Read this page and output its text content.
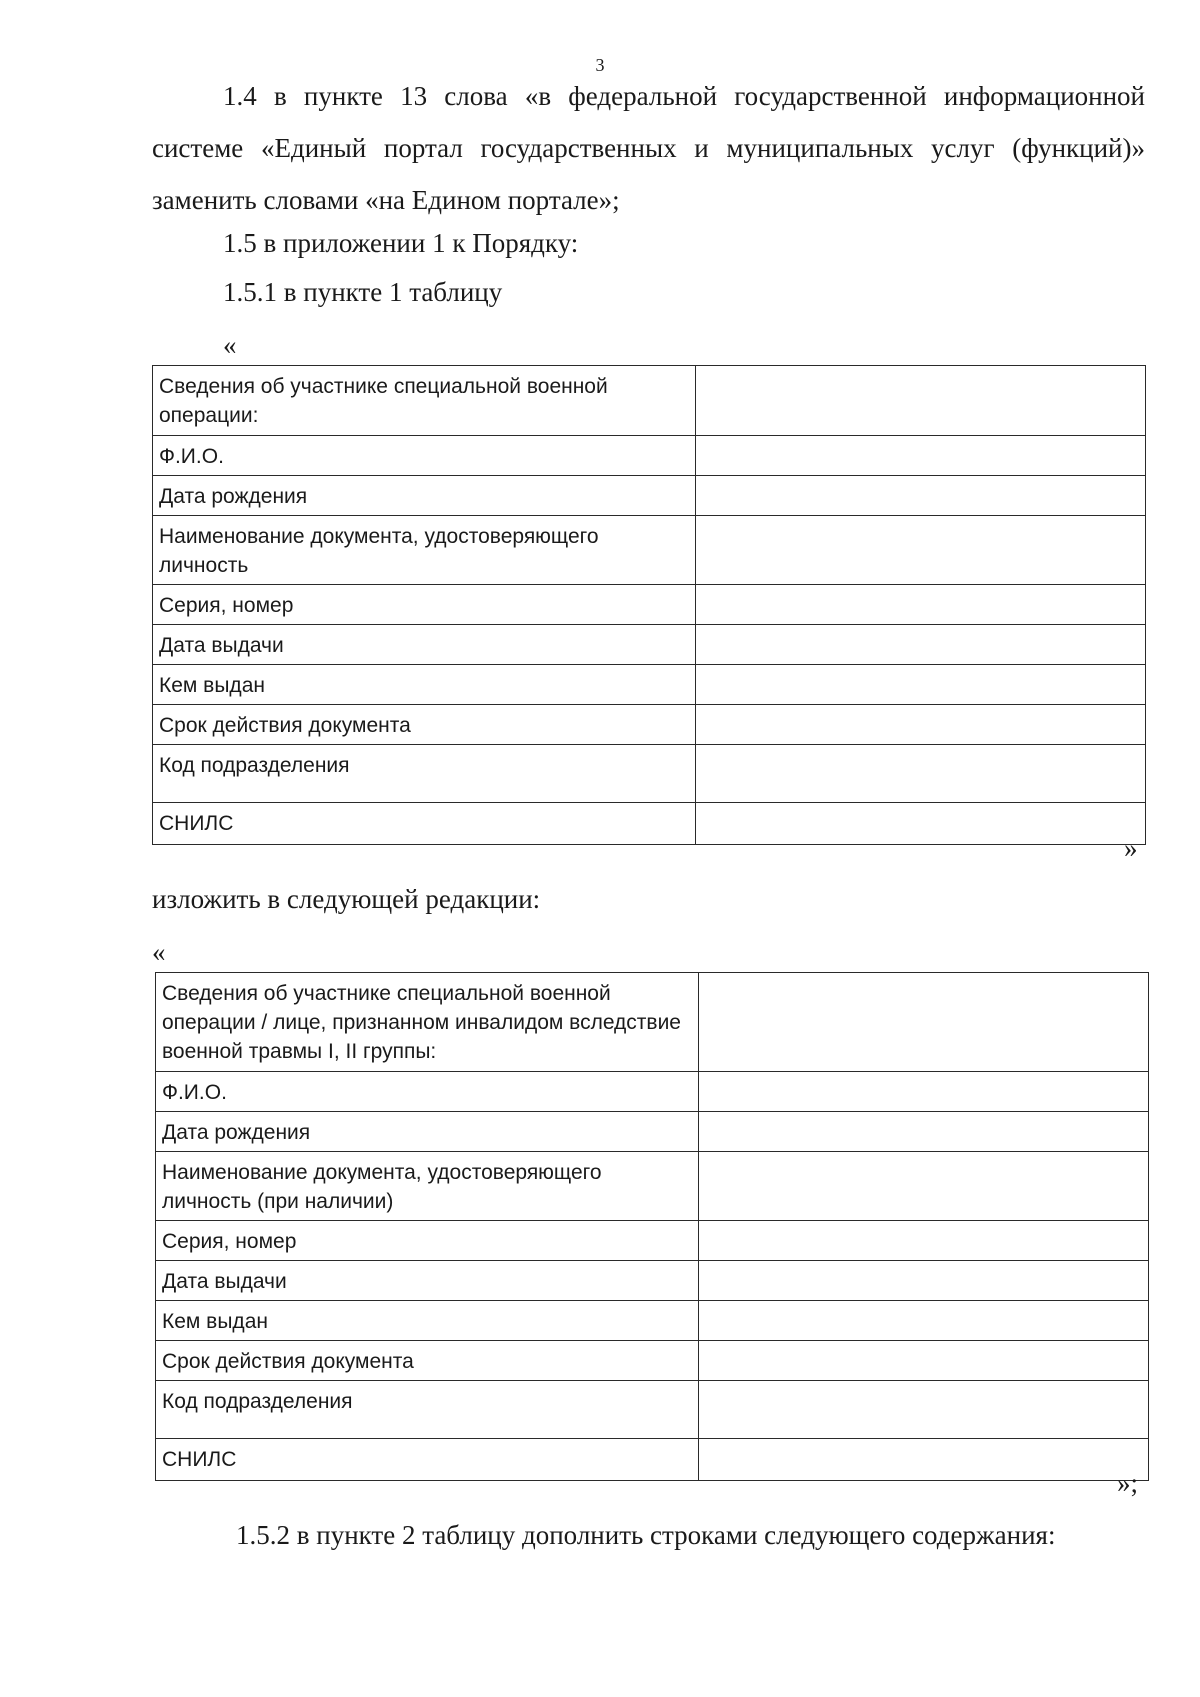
3
1.4 в пункте 13 слова «в федеральной государственной информационной
системе «Единый портал государственных и муниципальных услуг (функций)»
заменить словами «на Едином портале»;
1.5 в приложении 1 к Порядку:
1.5.1 в пункте 1 таблицу
«
Сведения об участнике специальной военной операции:	
Ф.И.О.	
Дата рождения	
Наименование документа, удостоверяющего личность	
Серия, номер	
Дата выдачи	
Кем выдан	
Срок действия документа	
Код подразделения	
СНИЛС	
»
изложить в следующей редакции:
«
Сведения об участнике специальной военной операции / лице, признанном инвалидом вследствие военной травмы I, II группы:	
Ф.И.О.	
Дата рождения	
Наименование документа, удостоверяющего личность (при наличии)	
Серия, номер	
Дата выдачи	
Кем выдан	
Срок действия документа	
Код подразделения	
СНИЛС	
»;
1.5.2 в пункте 2 таблицу дополнить строками следующего содержания:
